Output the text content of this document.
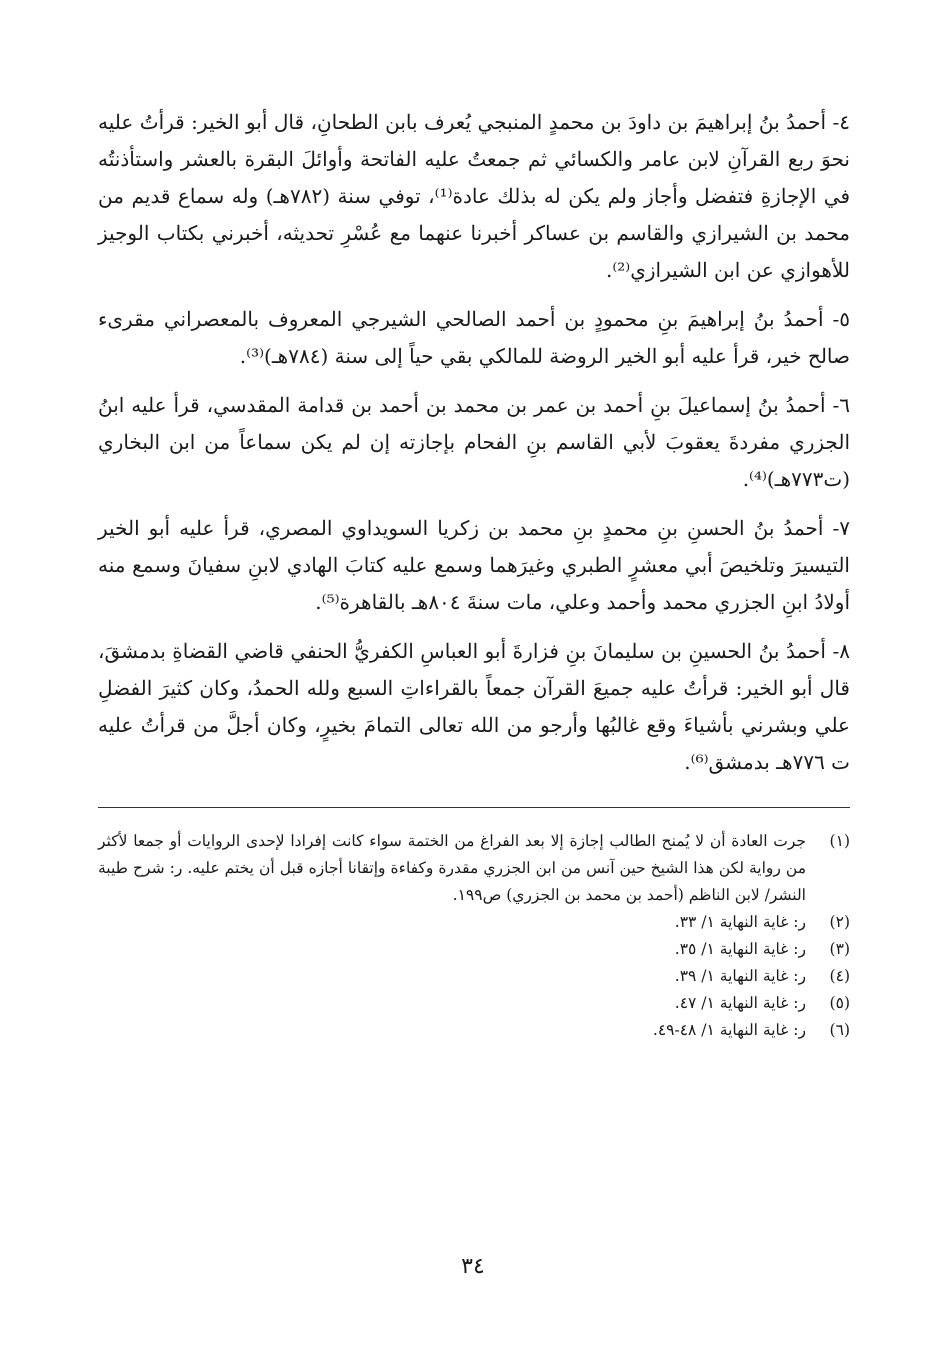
٤- أحمدُ بنُ إبراهيمَ بن داودَ بن محمدٍ المنبجي يُعرف بابن الطحانِ، قال أبو الخير: قرأتُ عليه نحوَ ربع القرآنِ لابن عامر والكسائي ثم جمعتُ عليه الفاتحة وأوائلَ البقرة بالعشر واستأذنتُه في الإجازةِ فتفضل وأجاز ولم يكن له بذلك عادة⁽¹⁾، توفي سنة (٧٨٢هـ) وله سماع قديم من محمد بن الشيرازي والقاسم بن عساكر أخبرنا عنهما مع عُسْرِ تحديثه، أخبرني بكتاب الوجيز للأهوازي عن ابن الشيرازي⁽²⁾.

٥- أحمدُ بنُ إبراهيمَ بنِ محمودٍ بن أحمد الصالحي الشيرجي المعروف بالمعصراني مقرىء صالح خير، قرأ عليه أبو الخير الروضة للمالكي بقي حياً إلى سنة (٧٨٤هـ)⁽³⁾.

٦- أحمدُ بنُ إسماعيلَ بنِ أحمد بن عمر بن محمد بن أحمد بن قدامة المقدسي، قرأ عليه ابنُ الجزري مفردةَ يعقوبَ لأبي القاسم بنِ الفحام بإجازته إن لم يكن سماعاً من ابن البخاري (ت٧٧٣هـ)⁽⁴⁾.

٧- أحمدُ بنُ الحسنِ بنِ محمدٍ بنِ محمد بن زكريا السويداوي المصري، قرأ عليه أبو الخير التيسيرَ وتلخيصَ أبي معشرٍ الطبري وغيرَهما وسمع عليه كتابَ الهادي لابنِ سفيانَ وسمع منه أولادُ ابنِ الجزري محمد وأحمد وعلي، مات سنةَ ٨٠٤هـ بالقاهرة⁽⁵⁾.

٨- أحمدُ بنُ الحسينِ بن سليمانَ بنِ فزارةَ أبو العباسِ الكفريُّ الحنفي قاضي القضاةِ بدمشقَ، قال أبو الخير: قرأتُ عليه جميعَ القرآن جمعاً بالقراءاتِ السبع ولله الحمدُ، وكان كثيرَ الفضلِ علي وبشرني بأشياءَ وقع غالبُها وأرجو من الله تعالى التمامَ بخيرٍ، وكان أجلَّ من قرأتُ عليه ت ٧٧٦هـ بدمشق⁽⁶⁾.

(١)
جرت العادة أن لا يُمنح الطالب إجازة إلا بعد الفراغ من الختمة سواء كانت إفرادا لإحدى الروايات أو جمعا لأكثر من رواية لكن هذا الشيخ حين آنس من ابن الجزري مقدرة وكفاءة وإتقانا أجازه قبل أن يختم عليه. ر: شرح طيبة النشر/ لابن الناظم (أحمد بن محمد بن الجزري) ص١٩٩.
(٢)
ر: غاية النهاية ١/ ٣٣.
(٣)
ر: غاية النهاية ١/ ٣٥.
(٤)
ر: غاية النهاية ١/ ٣٩.
(٥)
ر: غاية النهاية ١/ ٤٧.
(٦)
ر: غاية النهاية ١/ ٤٨-٤٩.
٣٤
